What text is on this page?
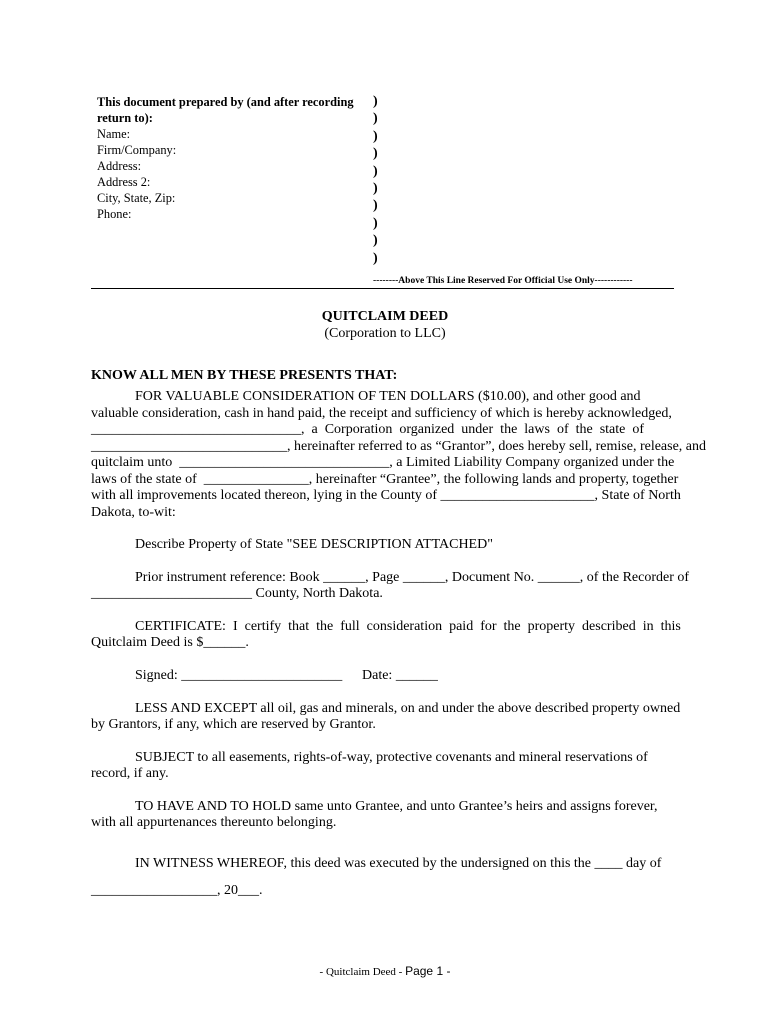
This document prepared by (and after recording
return to):
Name:
Firm/Company:
Address:
Address 2:
City, State, Zip:
Phone:
)
)
)
)
)
)
)
)
)
)
--------Above This Line Reserved For Official Use Only------------
QUITCLAIM DEED
(Corporation to LLC)
KNOW ALL MEN BY THESE PRESENTS THAT:
FOR VALUABLE CONSIDERATION OF TEN DOLLARS ($10.00), and other good and
valuable consideration, cash in hand paid, the receipt and sufficiency of which is hereby acknowledged,
______________________________,  a  Corporation  organized  under  the  laws  of  the  state  of
____________________________, hereinafter referred to as “Grantor”, does hereby sell, remise, release, and
quitclaim unto  ______________________________, a Limited Liability Company organized under the
laws of the state of  _______________, hereinafter “Grantee”, the following lands and property, together
with all improvements located thereon, lying in the County of ______________________, State of North
Dakota, to-wit:
Describe Property of State "SEE DESCRIPTION ATTACHED"
Prior instrument reference: Book ______, Page ______, Document No. ______, of the Recorder of
_______________________ County, North Dakota.
CERTIFICATE:  I  certify  that  the  full  consideration  paid  for  the  property  described  in  this
Quitclaim Deed is $______.
Signed: _______________________ Date: ______
LESS AND EXCEPT all oil, gas and minerals, on and under the above described property owned
by Grantors, if any, which are reserved by Grantor.
SUBJECT to all easements, rights-of-way, protective covenants and mineral reservations of
record, if any.
TO HAVE AND TO HOLD same unto Grantee, and unto Grantee’s heirs and assigns forever,
with all appurtenances thereunto belonging.
IN WITNESS WHEREOF, this deed was executed by the undersigned on this the ____ day of
__________________, 20___.
- Quitclaim Deed - Page 1 -
